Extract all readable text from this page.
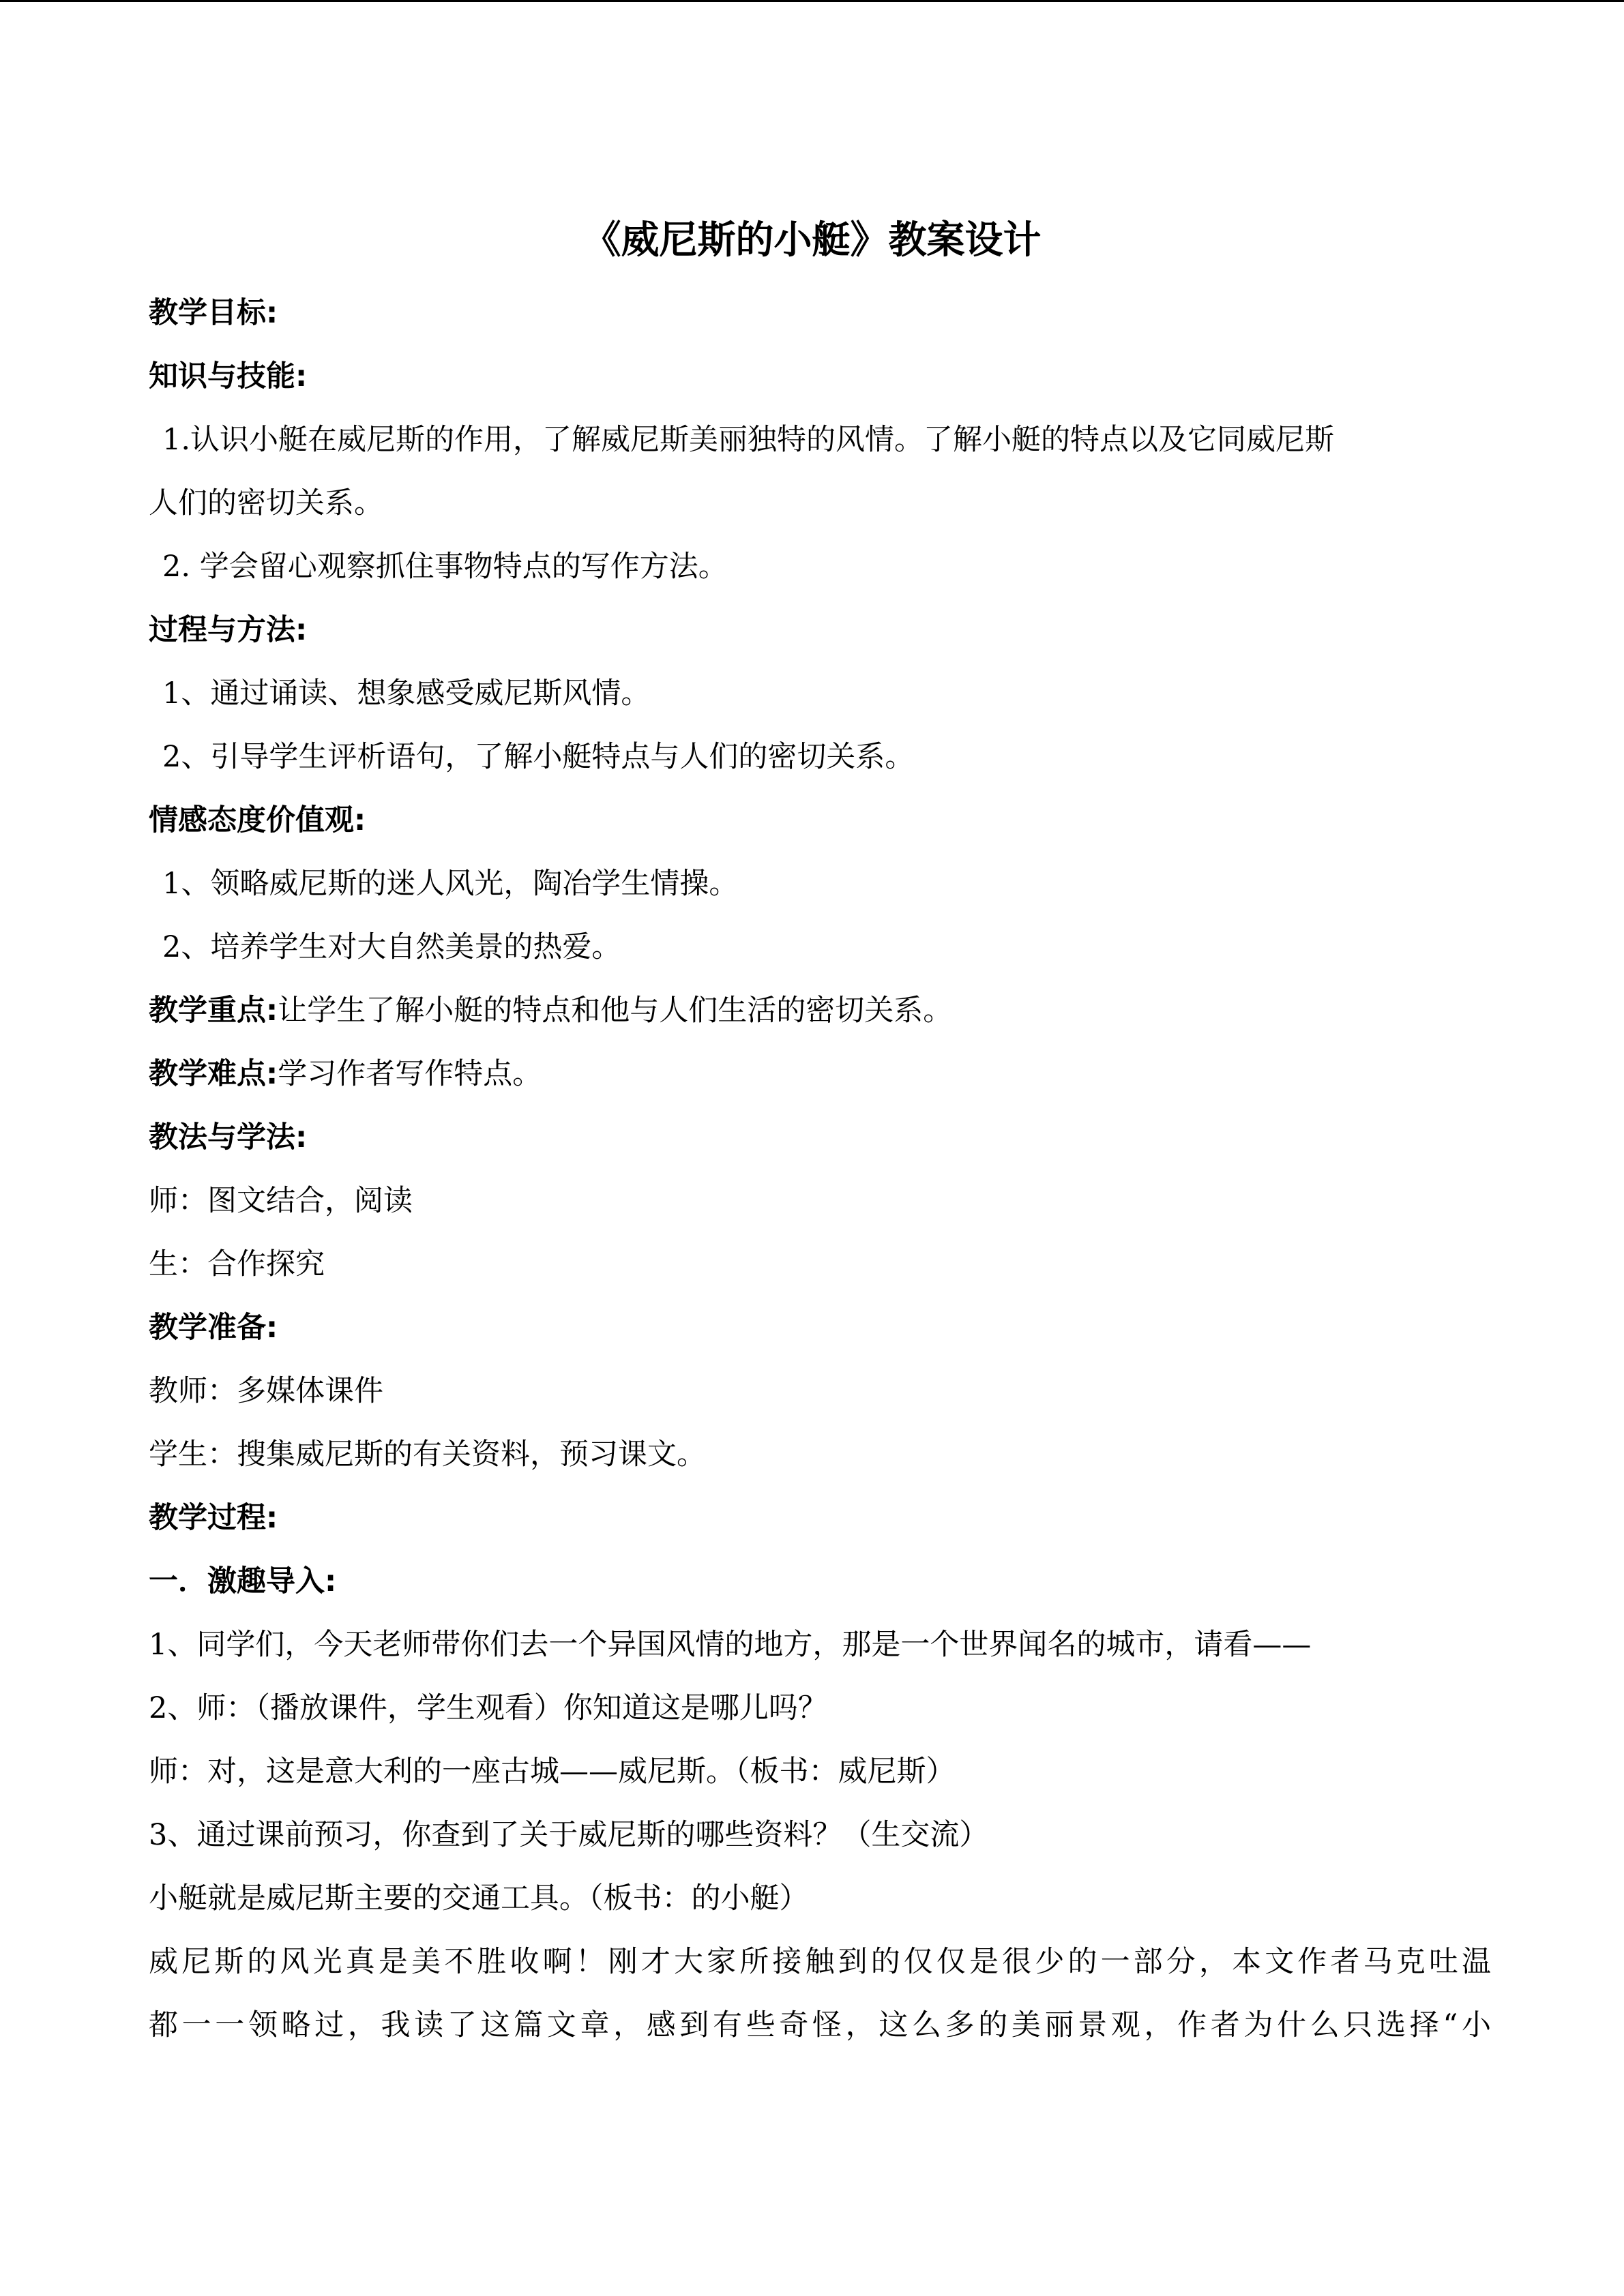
《威尼斯的小艇》教案设计
教学目标:
知识与技能:
1.认识小艇在威尼斯的作用，了解威尼斯美丽独特的风情。了解小艇的特点以及它同威尼斯
人们的密切关系。
2. 学会留心观察抓住事物特点的写作方法。
过程与方法:
1、通过诵读、想象感受威尼斯风情。
2、引导学生评析语句，了解小艇特点与人们的密切关系。
情感态度价值观:
1、领略威尼斯的迷人风光，陶冶学生情操。
2、培养学生对大自然美景的热爱。
教学重点:让学生了解小艇的特点和他与人们生活的密切关系。
教学难点:学习作者写作特点。
教法与学法:
师：图文结合，阅读
生：合作探究
教学准备:
教师：多媒体课件
学生：搜集威尼斯的有关资料，预习课文。
教学过程:
一．激趣导入:
1、同学们，今天老师带你们去一个异国风情的地方，那是一个世界闻名的城市，请看——
2、师：（播放课件，学生观看）你知道这是哪儿吗？
师：对，这是意大利的一座古城——威尼斯。（板书：威尼斯）
3、通过课前预习，你查到了关于威尼斯的哪些资料？（生交流）
小艇就是威尼斯主要的交通工具。（板书：的小艇）
威尼斯的风光真是美不胜收啊！刚才大家所接触到的仅仅是很少的一部分，本文作者马克吐温
都一一领略过，我读了这篇文章，感到有些奇怪，这么多的美丽景观，作者为什么只选择“小
